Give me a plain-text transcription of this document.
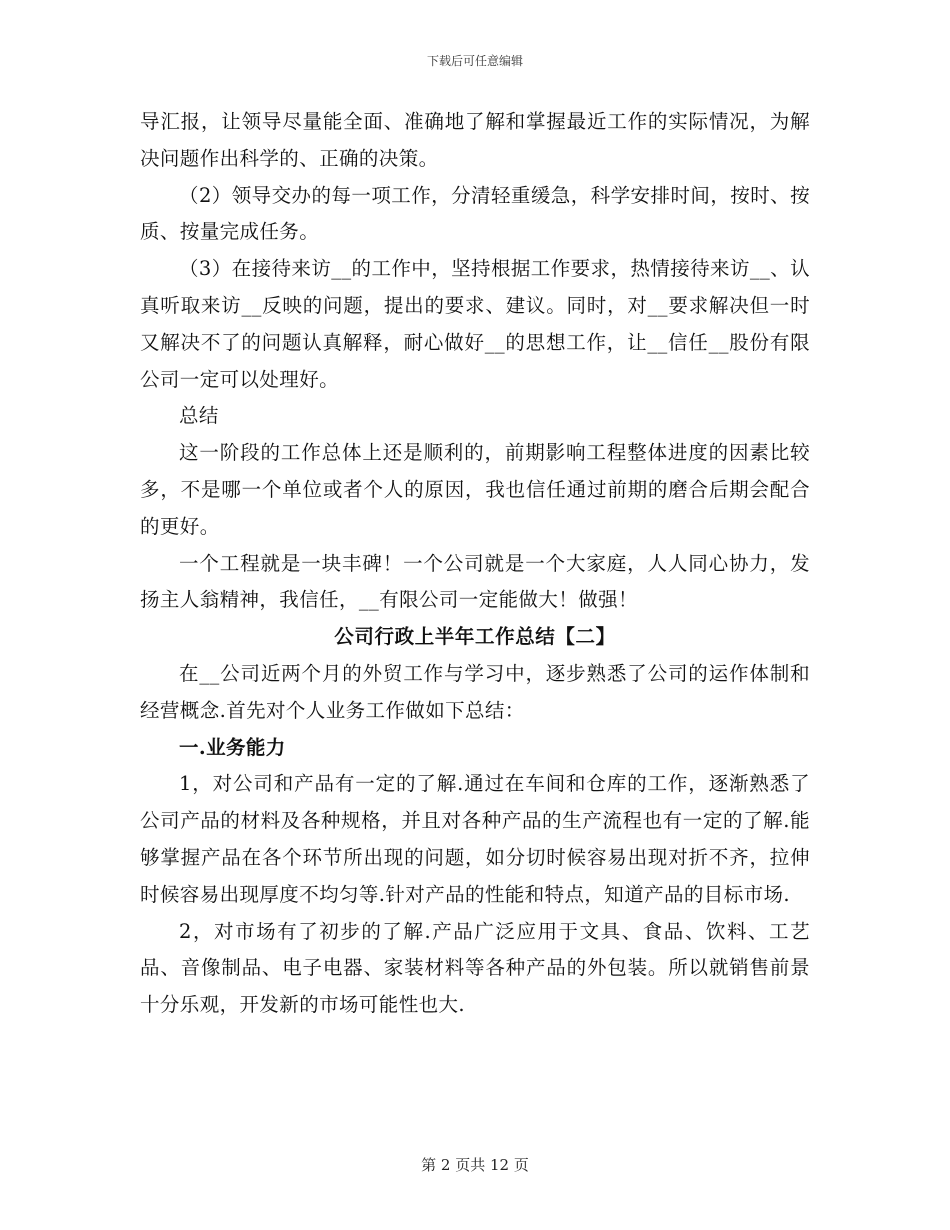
下载后可任意编辑

导汇报，让领导尽量能全面、准确地了解和掌握最近工作的实际情况，为解决问题作出科学的、正确的决策。

（2）领导交办的每一项工作，分清轻重缓急，科学安排时间，按时、按质、按量完成任务。

（3）在接待来访__的工作中，坚持根据工作要求，热情接待来访__、认真听取来访__反映的问题，提出的要求、建议。同时，对__要求解决但一时又解决不了的问题认真解释，耐心做好__的思想工作，让__信任__股份有限公司一定可以处理好。

总结

这一阶段的工作总体上还是顺利的，前期影响工程整体进度的因素比较多，不是哪一个单位或者个人的原因，我也信任通过前期的磨合后期会配合的更好。

一个工程就是一块丰碑！一个公司就是一个大家庭，人人同心协力，发扬主人翁精神，我信任，__有限公司一定能做大！做强！

公司行政上半年工作总结【二】

在__公司近两个月的外贸工作与学习中，逐步熟悉了公司的运作体制和经营概念.首先对个人业务工作做如下总结：

一.业务能力

1，对公司和产品有一定的了解.通过在车间和仓库的工作，逐渐熟悉了公司产品的材料及各种规格，并且对各种产品的生产流程也有一定的了解.能够掌握产品在各个环节所出现的问题，如分切时候容易出现对折不齐，拉伸时候容易出现厚度不均匀等.针对产品的性能和特点，知道产品的目标市场.

2，对市场有了初步的了解.产品广泛应用于文具、食品、饮料、工艺品、音像制品、电子电器、家装材料等各种产品的外包装。所以就销售前景十分乐观，开发新的市场可能性也大.

第 2 页共 12 页
